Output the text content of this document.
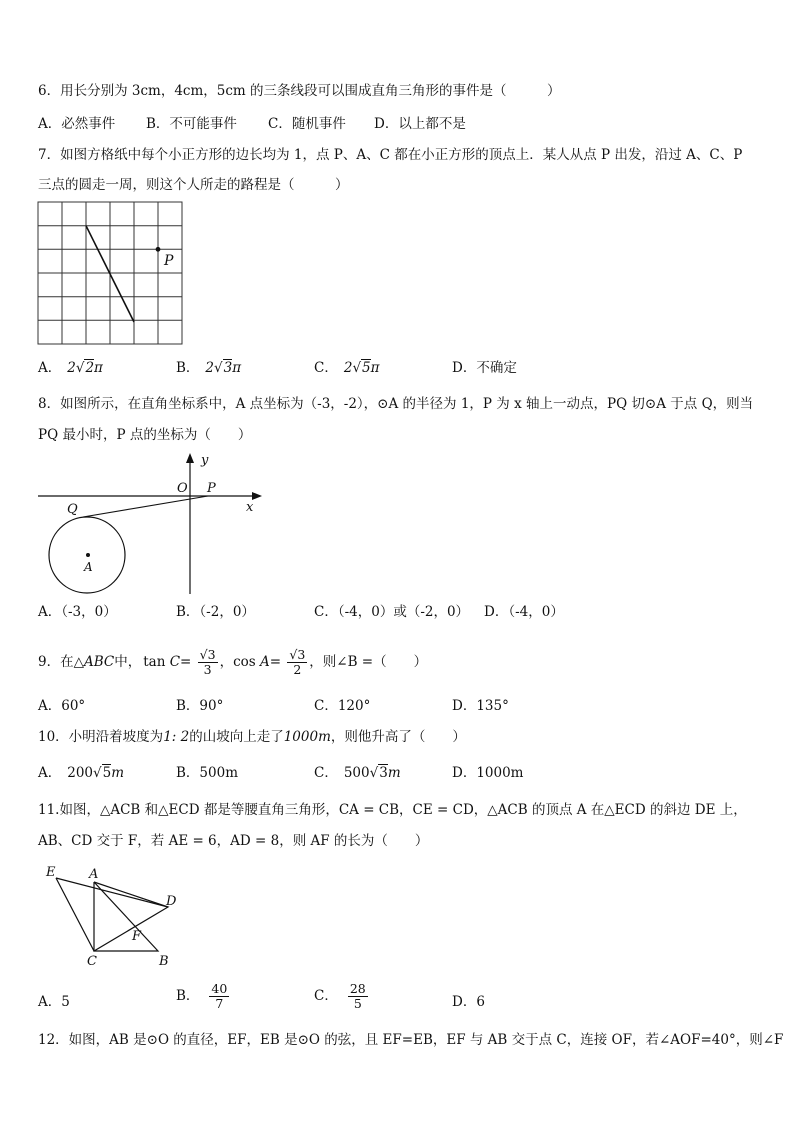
6．用长分别为 3cm，4cm，5cm 的三条线段可以围成直角三角形的事件是（　　　）
A．必然事件 B．不可能事件 C．随机事件 D．以上都不是
7．如图方格纸中每个小正方形的边长均为 1，点 P、A、C 都在小正方形的顶点上．某人从点 P 出发，沿过 A、C、P
三点的圆走一周，则这个人所走的路程是（　　　）
P
A． 2√2π	B． 2√3π	C． 2√5π	D．不确定
8．如图所示，在直角坐标系中，A 点坐标为（-3，-2），⊙A 的半径为 1，P 为 x 轴上一动点，PQ 切⊙A 于点 Q，则当
PQ 最小时，P 点的坐标为（　　）
y
x
O P
A
Q
A．（-3，0）	B．（-2，0）	C．（-4，0）或（-2，0） D．（-4，0）
9．在△ABC中， $\tan C= \frac{√3}{3}$ ，$\cos A= \frac{√3}{2}$ ，则∠B =（　　）
A．60°	B．90°	C．120°	D．135°
10．小明沿着坡度为1: 2的山坡向上走了1000m，则他升高了（　　）
A． 200√5m	B．500m	C． 500√3m	D．1000m
11.如图，△ACB 和△ECD 都是等腰直角三角形，CA = CB，CE = CD，△ACB 的顶点 A 在△ECD 的斜边 DE 上，
AB、CD 交于 F，若 AE = 6，AD = 8，则 AF 的长为（　　）
E	A
D
F
C	B
A．5	B． $\frac{40}{7}$	C． $\frac{28}{5}$	D．6
12．如图，AB 是⊙O 的直径，EF，EB 是⊙O 的弦，且 EF=EB，EF 与 AB 交于点 C，连接 OF，若∠AOF=40°，则∠F
